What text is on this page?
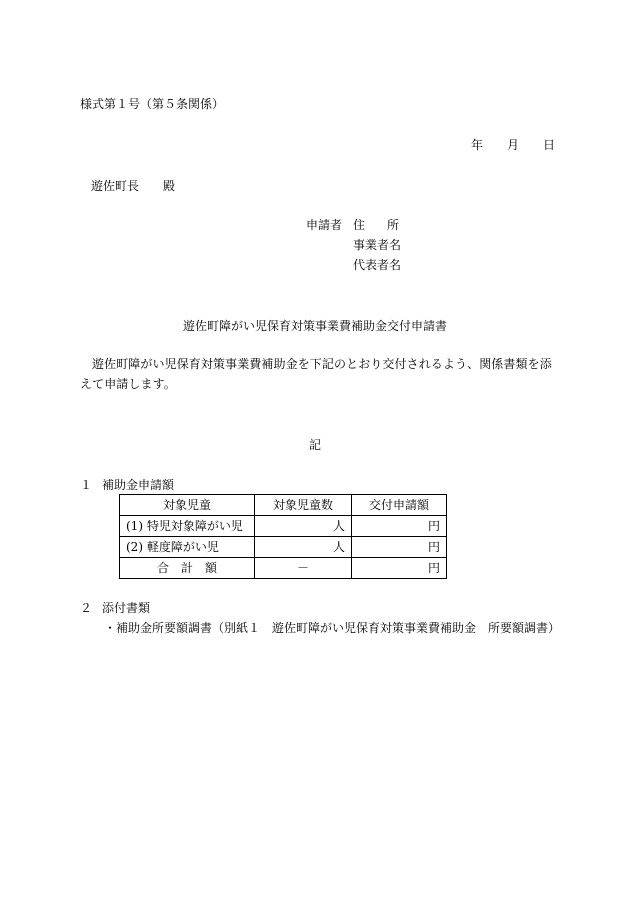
様式第１号（第５条関係）
年 月 日
遊佐町長 殿
申請者 住 所
事業者名
代表者名
遊佐町障がい児保育対策事業費補助金交付申請書
遊佐町障がい児保育対策事業費補助金を下記のとおり交付されるよう、関係書類を添えて申請します。
記
１ 補助金申請額
対象児童	対象児童数	交付申請額
(1) 特児対象障がい児	人	円
(2) 軽度障がい児	人	円
合　計　額	－	円
２ 添付書類
・補助金所要額調書（別紙１　遊佐町障がい児保育対策事業費補助金　所要額調書）
